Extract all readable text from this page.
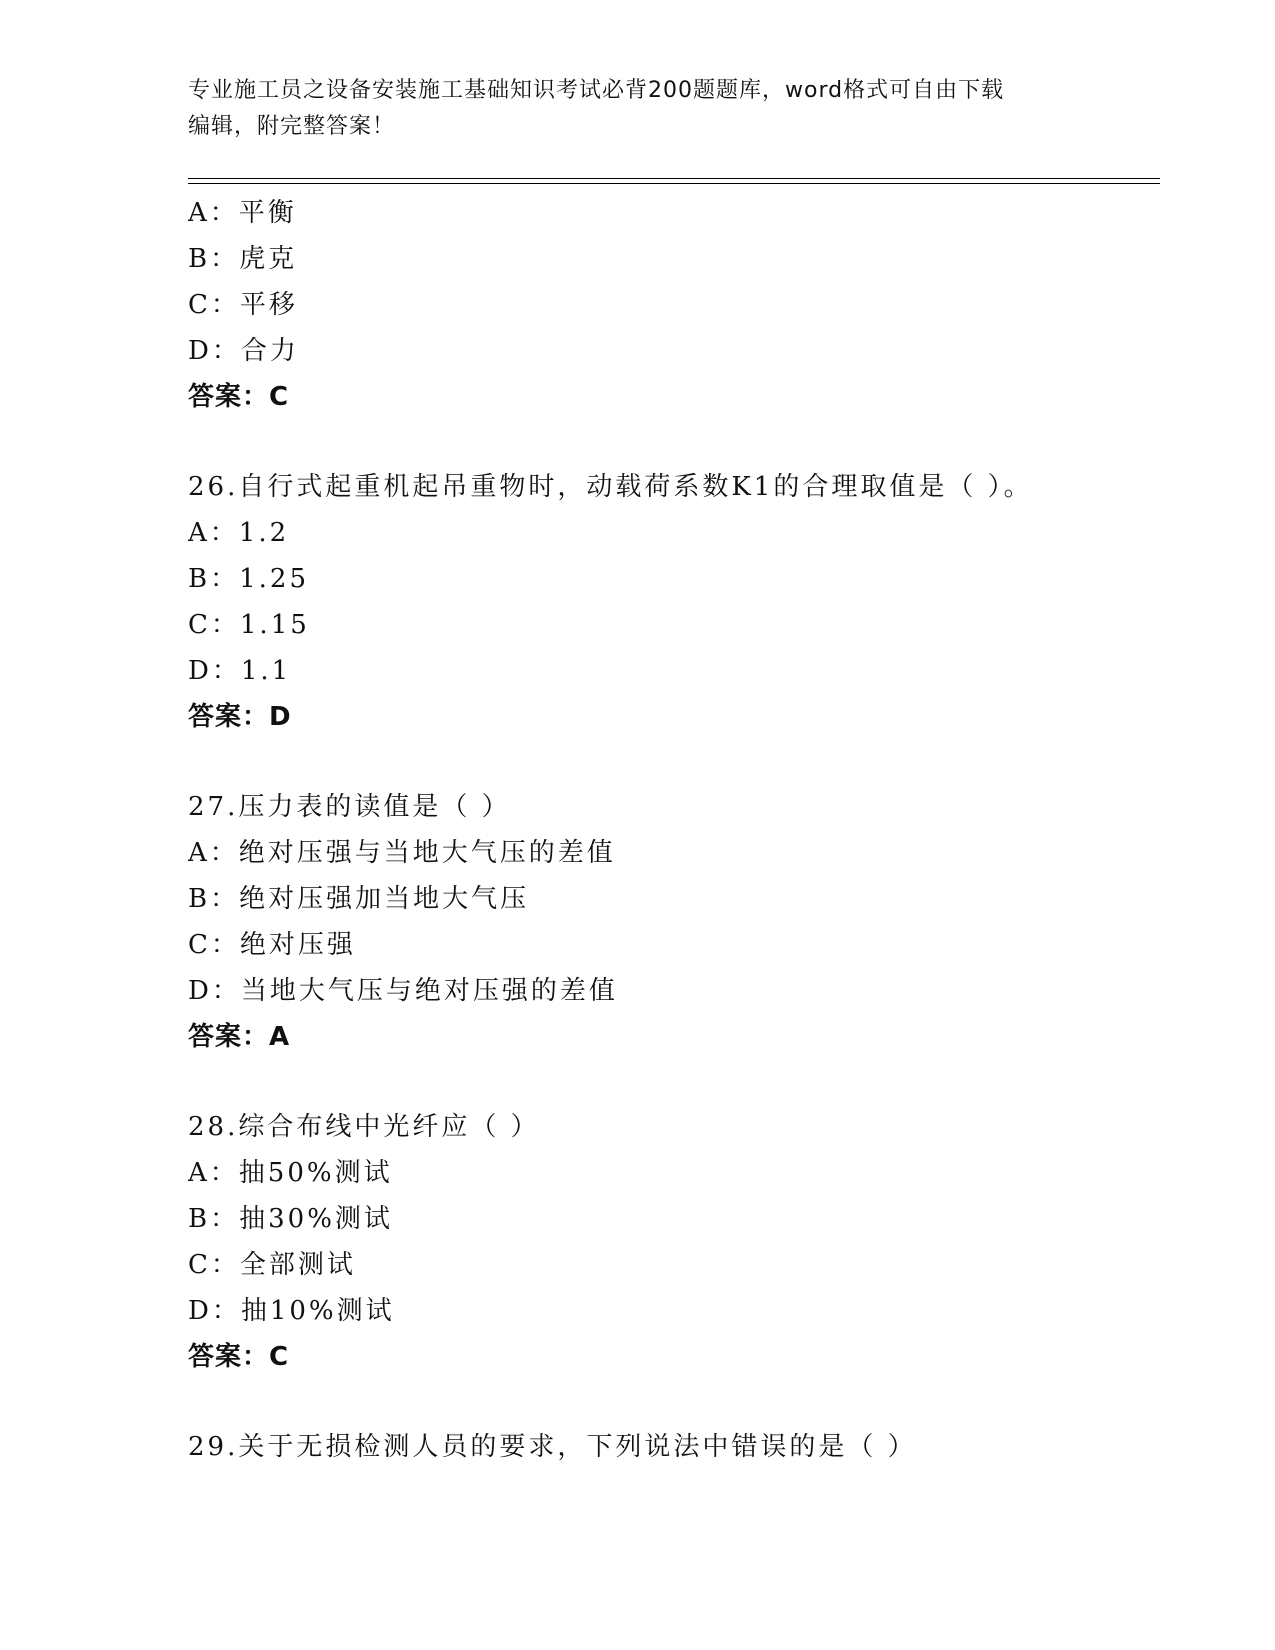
专业施工员之设备安装施工基础知识考试必背200题题库，word格式可自由下载
编辑，附完整答案！
A：平衡
B：虎克
C：平移
D：合力
答案：C
26.自行式起重机起吊重物时，动载荷系数K1的合理取值是（ ）。
A：1.2
B：1.25
C：1.15
D：1.1
答案：D
27.压力表的读值是（ ）
A：绝对压强与当地大气压的差值
B：绝对压强加当地大气压
C：绝对压强
D：当地大气压与绝对压强的差值
答案：A
28.综合布线中光纤应（ ）
A：抽50%测试
B：抽30%测试
C：全部测试
D：抽10%测试
答案：C
29.关于无损检测人员的要求，下列说法中错误的是（ ）
